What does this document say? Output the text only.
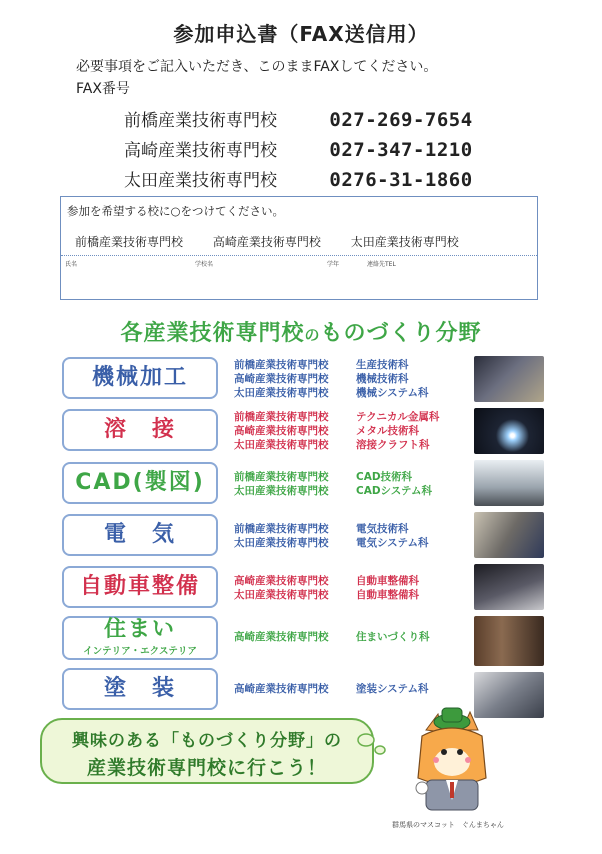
参加申込書（FAX送信用）
必要事項をご記入いただき、このままFAXしてください。
FAX番号
前橋産業技術専門校	027-269-7654
高崎産業技術専門校	027-347-1210
太田産業技術専門校	0276-31-1860
参加を希望する校に○をつけてください。
前橋産業技術専門校 高崎産業技術専門校 太田産業技術専門校
氏名	学校名	学年	連絡先TEL
各産業技術専門校のものづくり分野
機械加工	前橋産業技術専門校	生産技術科
高崎産業技術専門校	機械技術科
太田産業技術専門校	機械システム科
溶　接	前橋産業技術専門校	テクニカル金属科
高崎産業技術専門校	メタル技術科
太田産業技術専門校	溶接クラフト科
CAD(製図)	前橋産業技術専門校	CAD技術科
太田産業技術専門校	CADシステム科
電　気	前橋産業技術専門校	電気技術科
太田産業技術専門校	電気システム科
自動車整備	高崎産業技術専門校	自動車整備科
太田産業技術専門校	自動車整備科
住まい
インテリア・エクステリア
高崎産業技術専門校	住まいづくり科
塗　装	高崎産業技術専門校	塗装システム科
興味のある「ものづくり分野」の
産業技術専門校に行こう！
群馬県のマスコット　ぐんまちゃん
